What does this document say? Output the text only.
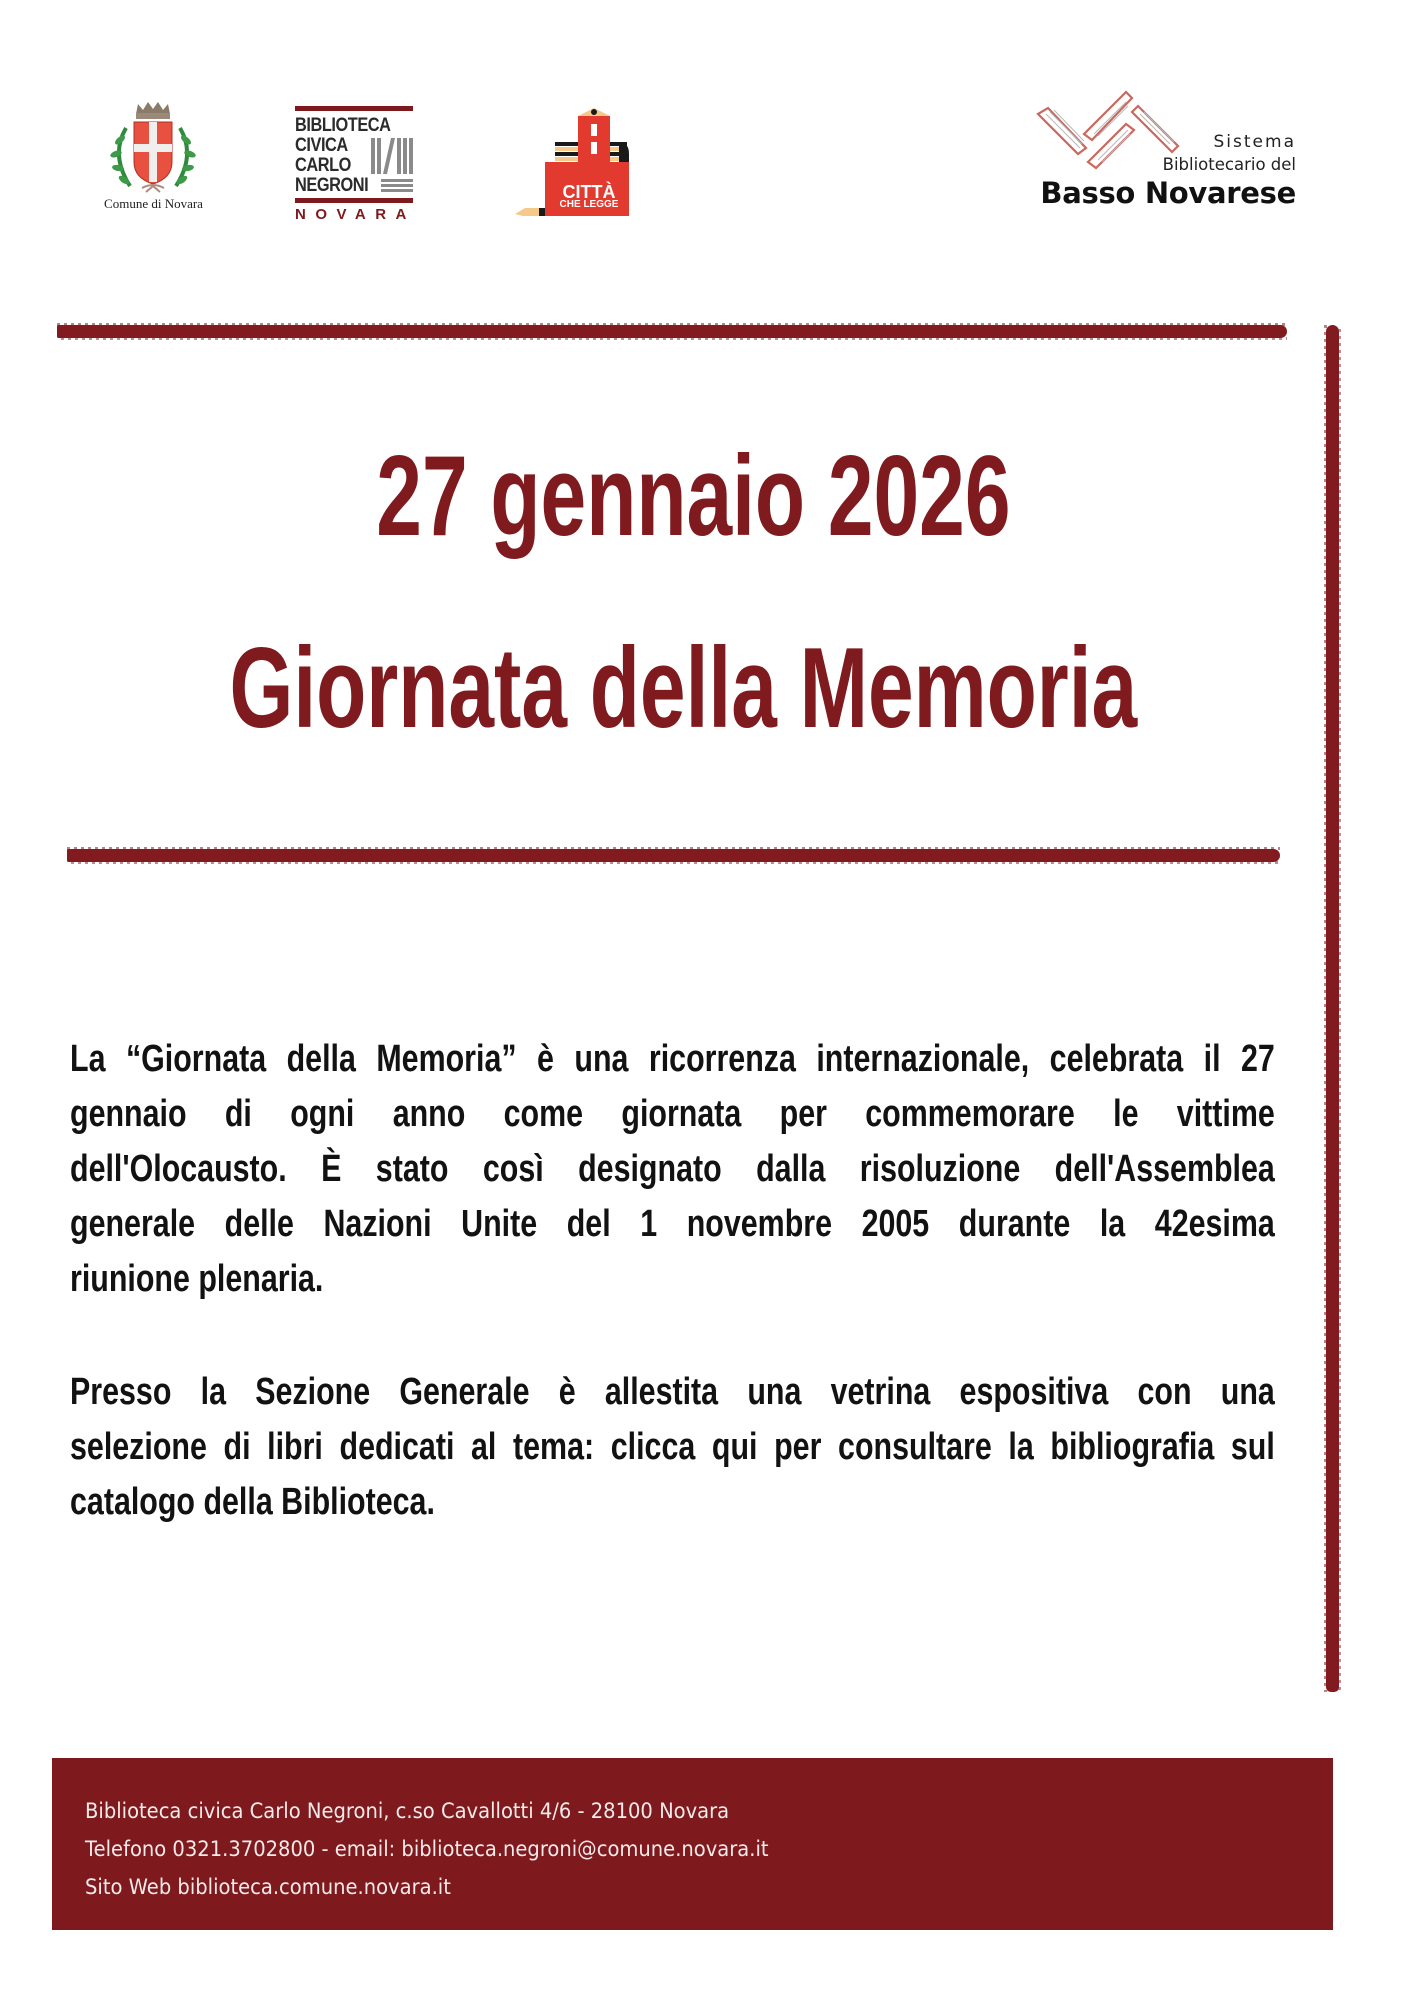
Comune di Novara
BIBLIOTECA
CIVICA
CARLO
NEGRONI
NOVARA
CITTÀ
CHE LEGGE
Sistema
Bibliotecario del
Basso Novarese
27 gennaio 2026
Giornata della Memoria
La “Giornata della Memoria” è una ricorrenza internazionale, celebrata il 27
gennaio di ogni anno come giornata per commemorare le vittime
dell'Olocausto. È stato così designato dalla risoluzione dell'Assemblea
generale delle Nazioni Unite del 1 novembre 2005 durante la 42esima
riunione plenaria.
Presso la Sezione Generale è allestita una vetrina espositiva con una
selezione di libri dedicati al tema: clicca qui per consultare la bibliografia sul
catalogo della Biblioteca.
Biblioteca civica Carlo Negroni, c.so Cavallotti 4/6 - 28100 Novara
Telefono 0321.3702800 - email: biblioteca.negroni@comune.novara.it
Sito Web biblioteca.comune.novara.it
